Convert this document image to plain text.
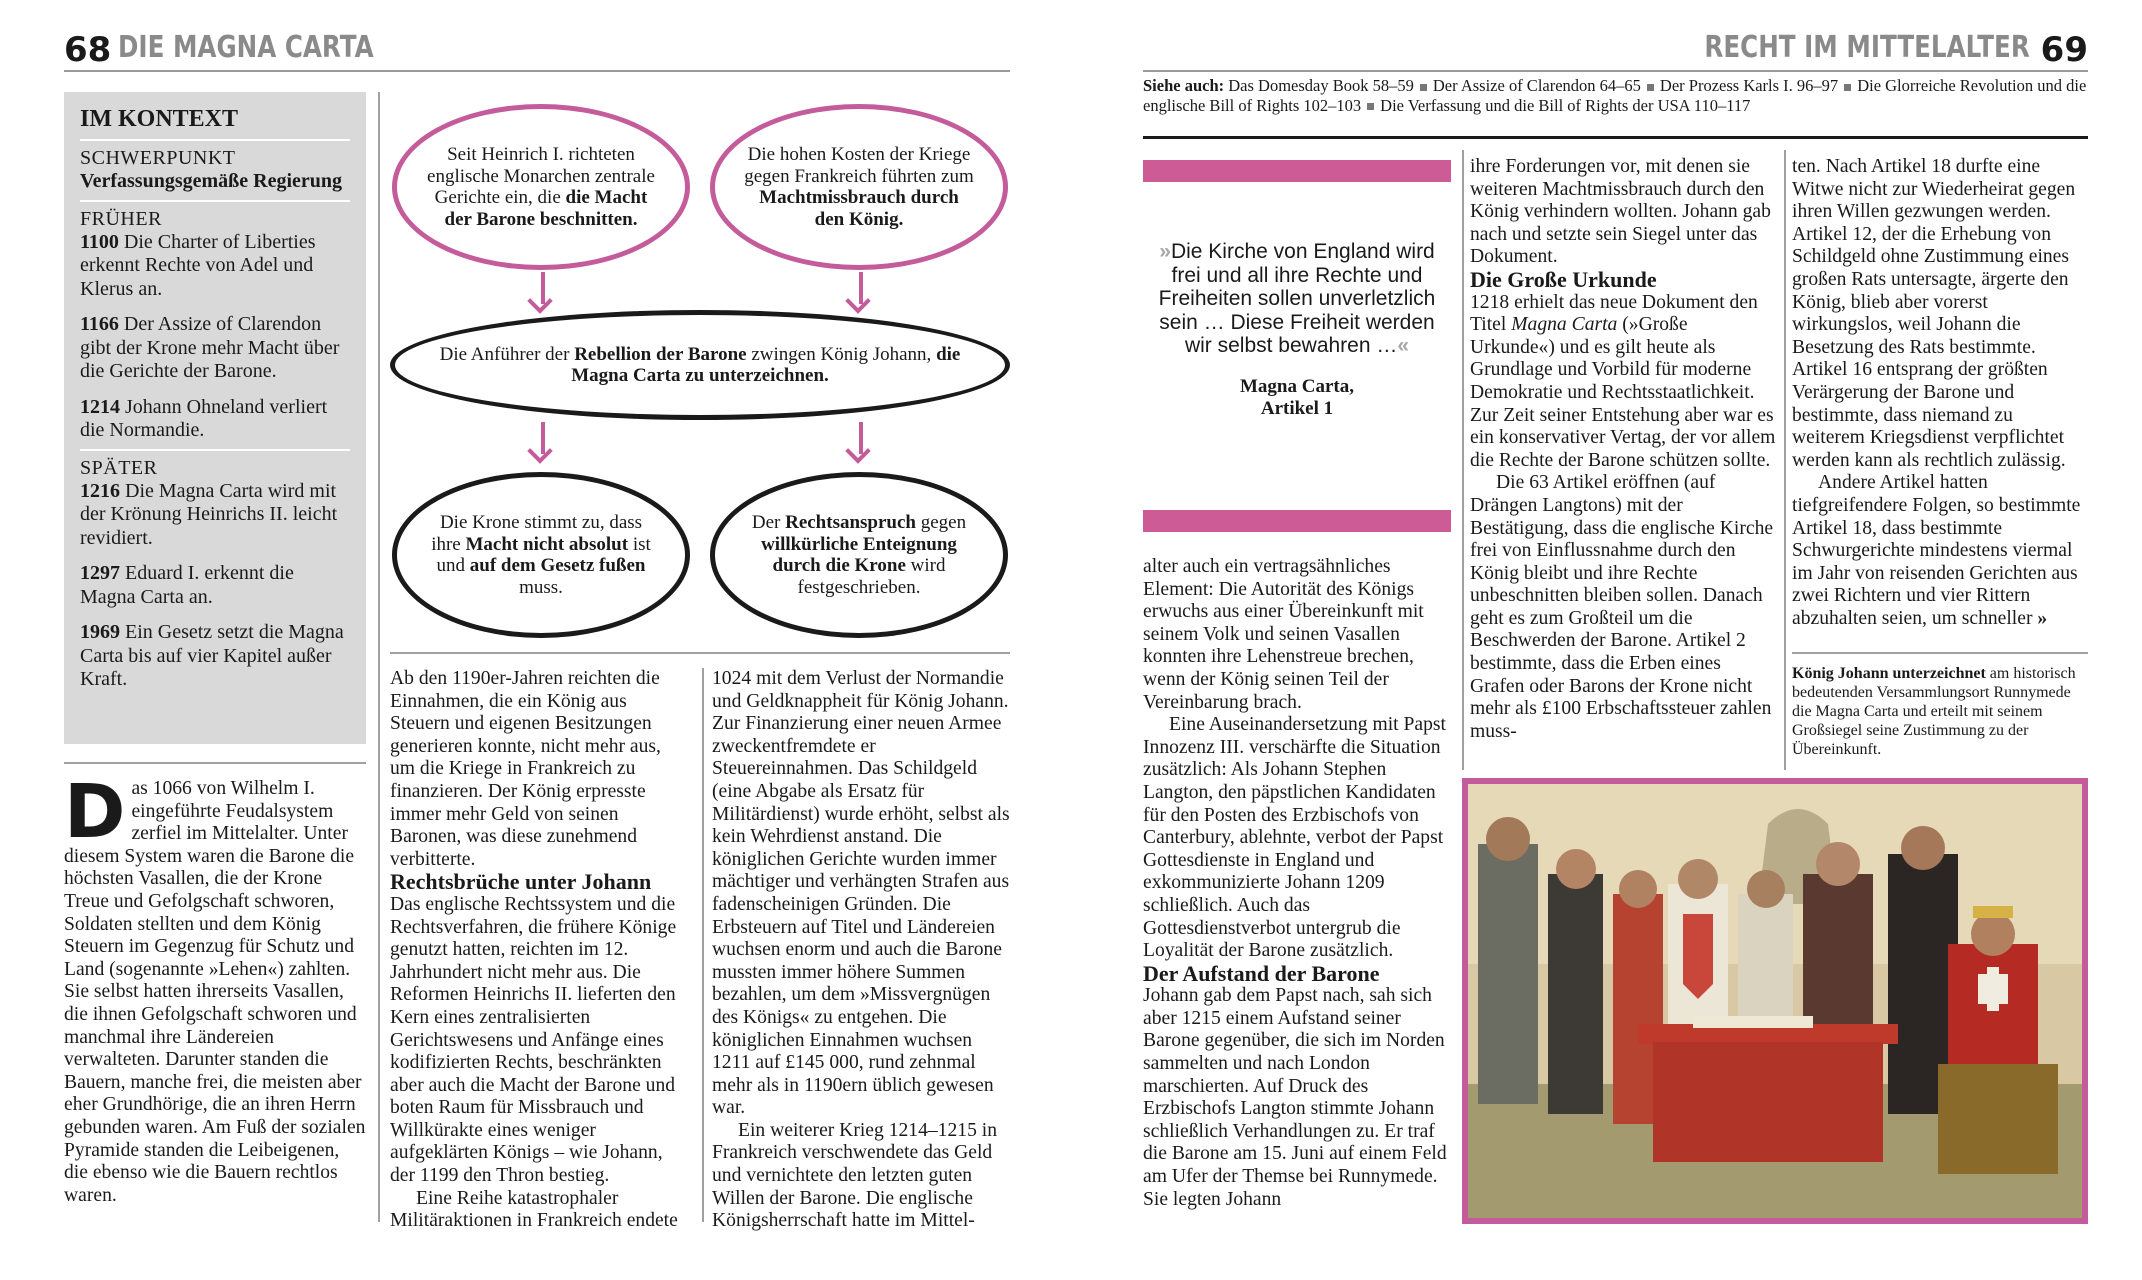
68 DIE MAGNA CARTA	RECHT IM MITTELALTER 69
IM KONTEXT
SCHWERPUNKT
Verfassungsgemäße Regierung
FRÜHER

1100 Die Charter of Liberties erkennt Rechte von Adel und Klerus an.

1166 Der Assize of Clarendon gibt der Krone mehr Macht über die Gerichte der Barone.

1214 Johann Ohneland verliert die Normandie.

SPÄTER

1216 Die Magna Carta wird mit der Krönung Heinrichs II. leicht revidiert.

1297 Eduard I. erkennt die Magna Carta an.

1969 Ein Gesetz setzt die Magna Carta bis auf vier Kapitel außer Kraft.

Seit Heinrich I. richteten englische Monarchen zentrale Gerichte ein, die die Macht der Barone beschnitten.
Die hohen Kosten der Kriege gegen Frankreich führten zum Machtmissbrauch durch den König.
Die Anführer der Rebellion der Barone zwingen König Johann, die Magna Carta zu unterzeichnen.
Die Krone stimmt zu, dass ihre Macht nicht absolut ist und auf dem Gesetz fußen muss.
Der Rechtsanspruch gegen willkürliche Enteignung durch die Krone wird festgeschrieben.
Das 1066 von Wilhelm I. eingeführte Feudalsystem zerfiel im Mittelalter. Unter diesem System waren die Barone die höchsten Vasallen, die der Krone Treue und Gefolgschaft schworen, Soldaten stellten und dem König Steuern im Gegenzug für Schutz und Land (sogenannte »Lehen«) zahlten. Sie selbst hatten ihrerseits Vasallen, die ihnen Gefolgschaft schworen und manchmal ihre Ländereien verwalteten. Darunter standen die Bauern, manche frei, die meisten aber eher Grundhörige, die an ihren Herrn gebunden waren. Am Fuß der sozialen Pyramide standen die Leibeigenen, die ebenso wie die Bauern rechtlos waren.

Ab den 1190er-Jahren reichten die Einnahmen, die ein König aus Steuern und eigenen Besitzungen generieren konnte, nicht mehr aus, um die Kriege in Frankreich zu finanzieren. Der König erpresste immer mehr Geld von seinen Baronen, was diese zunehmend verbitterte.

Rechtsbrüche unter Johann

Das englische Rechtssystem und die Rechtsverfahren, die frühere Könige genutzt hatten, reichten im 12. Jahrhundert nicht mehr aus. Die Reformen Heinrichs II. lieferten den Kern eines zentralisierten Gerichtswesens und Anfänge eines kodifizierten Rechts, beschränkten aber auch die Macht der Barone und boten Raum für Missbrauch und Willkürakte eines weniger aufgeklärten Königs – wie Johann, der 1199 den Thron bestieg.

Eine Reihe katastrophaler Militäraktionen in Frankreich endete

1024 mit dem Verlust der Normandie und Geldknappheit für König Johann. Zur Finanzierung einer neuen Armee zweckentfremdete er Steuereinnahmen. Das Schildgeld (eine Abgabe als Ersatz für Militärdienst) wurde erhöht, selbst als kein Wehrdienst anstand. Die königlichen Gerichte wurden immer mächtiger und verhängten Strafen aus fadenscheinigen Gründen. Die Erbsteuern auf Titel und Ländereien wuchsen enorm und auch die Barone mussten immer höhere Summen bezahlen, um dem »Missvergnügen des Königs« zu entgehen. Die königlichen Einnahmen wuchsen 1211 auf £145 000, rund zehnmal mehr als in 1190ern üblich gewesen war.

Ein weiterer Krieg 1214–1215 in Frankreich verschwendete das Geld und vernichtete den letzten guten Willen der Barone. Die englische Königsherrschaft hatte im Mittel-

Siehe auch: Das Domesday Book 58–59 Der Assize of Clarendon 64–65 Der Prozess Karls I. 96–97 Die Glorreiche Revolution und die englische Bill of Rights 102–103 Die Verfassung und die Bill of Rights der USA 110–117
»Die Kirche von England wird frei und all ihre Rechte und Freiheiten sollen unverletzlich sein … Diese Freiheit werden wir selbst bewahren …«
Magna Carta,
Artikel 1

alter auch ein vertragsähnliches Element: Die Autorität des Königs erwuchs aus einer Übereinkunft mit seinem Volk und seinen Vasallen konnten ihre Lehenstreue brechen, wenn der König seinen Teil der Vereinbarung brach.

Eine Auseinandersetzung mit Papst Innozenz III. verschärfte die Situation zusätzlich: Als Johann Stephen Langton, den päpstlichen Kandidaten für den Posten des Erzbischofs von Canterbury, ablehnte, verbot der Papst Gottesdienste in England und exkommunizierte Johann 1209 schließlich. Auch das Gottesdienstverbot untergrub die Loyalität der Barone zusätzlich.

Der Aufstand der Barone

Johann gab dem Papst nach, sah sich aber 1215 einem Aufstand seiner Barone gegenüber, die sich im Norden sammelten und nach London marschierten. Auf Druck des Erzbischofs Langton stimmte Johann schließlich Verhandlungen zu. Er traf die Barone am 15. Juni auf einem Feld am Ufer der Themse bei Runnymede. Sie legten Johann

ihre Forderungen vor, mit denen sie weiteren Machtmissbrauch durch den König verhindern wollten. Johann gab nach und setzte sein Siegel unter das Dokument.

Die Große Urkunde

1218 erhielt das neue Dokument den Titel Magna Carta (»Große Urkunde«) und es gilt heute als Grundlage und Vorbild für moderne Demokratie und Rechtsstaatlichkeit. Zur Zeit seiner Entstehung aber war es ein konservativer Vertag, der vor allem die Rechte der Barone schützen sollte.

Die 63 Artikel eröffnen (auf Drängen Langtons) mit der Bestätigung, dass die englische Kirche frei von Einflussnahme durch den König bleibt und ihre Rechte unbeschnitten bleiben sollen. Danach geht es zum Großteil um die Beschwerden der Barone. Artikel 2 bestimmte, dass die Erben eines Grafen oder Barons der Krone nicht mehr als £100 Erbschaftssteuer zahlen muss-

ten. Nach Artikel 18 durfte eine Witwe nicht zur Wiederheirat gegen ihren Willen gezwungen werden. Artikel 12, der die Erhebung von Schildgeld ohne Zustimmung eines großen Rats untersagte, ärgerte den König, blieb aber vorerst wirkungslos, weil Johann die Besetzung des Rats bestimmte. Artikel 16 entsprang der größten Verärgerung der Barone und bestimmte, dass niemand zu weiterem Kriegsdienst verpflichtet werden kann als rechtlich zulässig.

Andere Artikel hatten tiefgreifendere Folgen, so bestimmte Artikel 18, dass bestimmte Schwurgerichte mindestens viermal im Jahr von reisenden Gerichten aus zwei Richtern und vier Rittern abzuhalten seien, um schneller »

König Johann unterzeichnet am historisch bedeutenden Versammlungsort Runnymede die Magna Carta und erteilt mit seinem Großsiegel seine Zustimmung zu der Übereinkunft.
